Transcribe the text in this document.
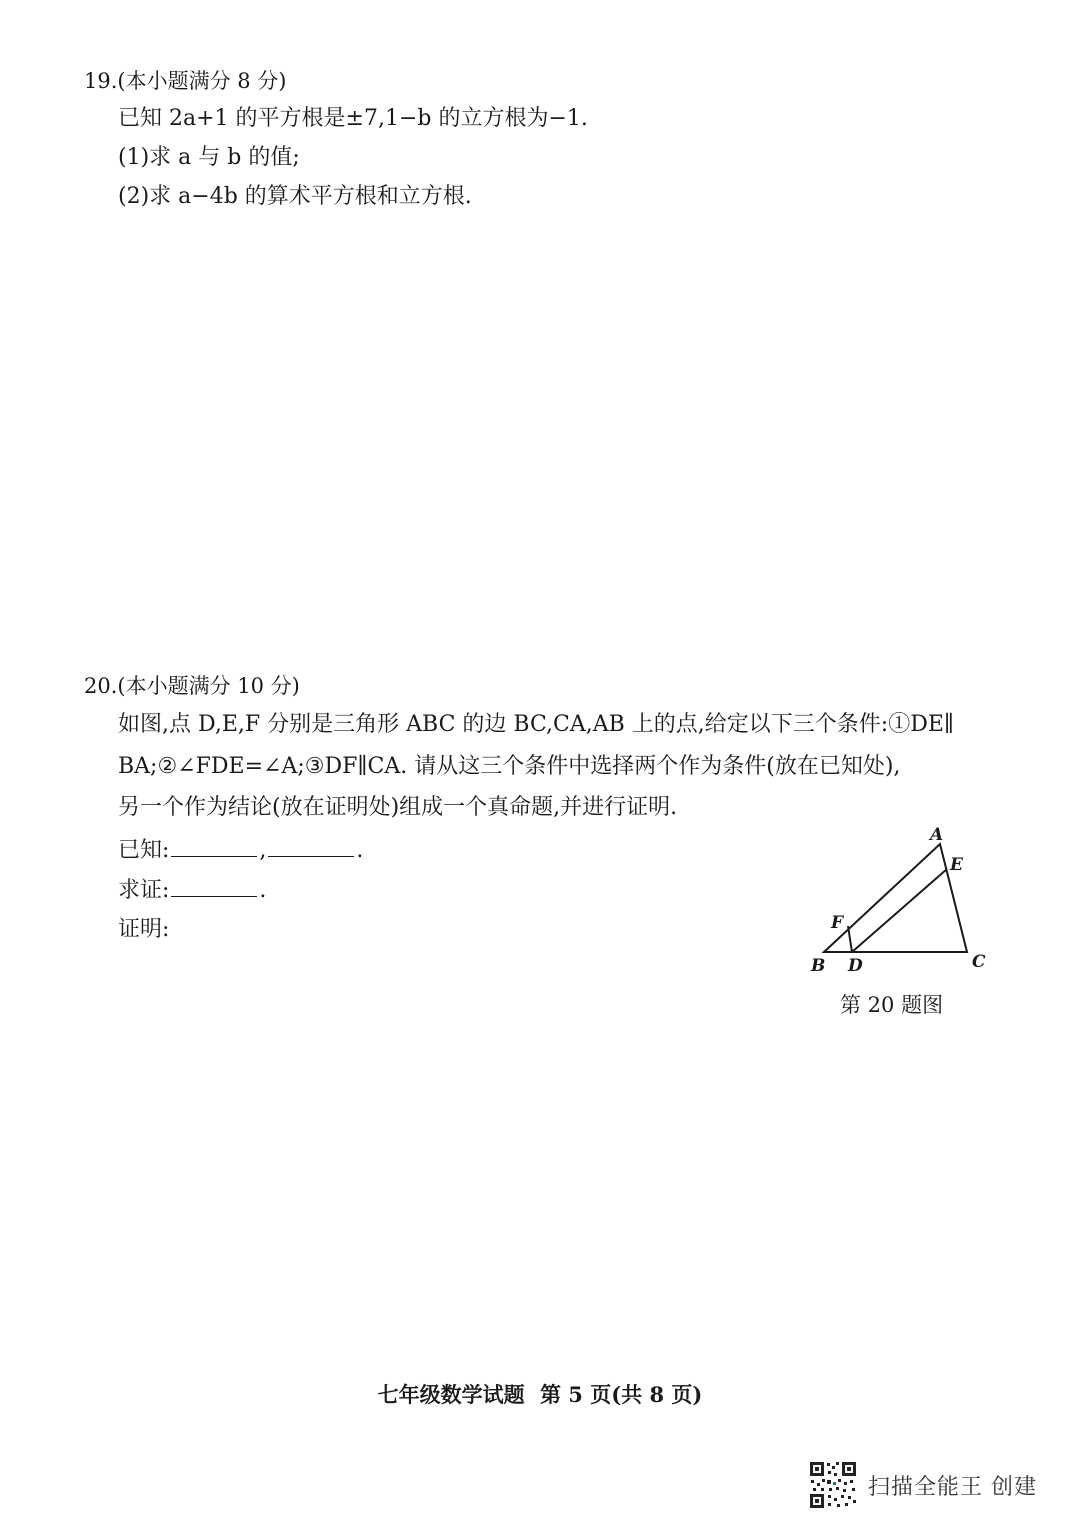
19.(本小题满分 8 分)
已知 2a+1 的平方根是±7,1−b 的立方根为−1.
(1)求 a 与 b 的值;
(2)求 a−4b 的算术平方根和立方根.
20.(本小题满分 10 分)
如图,点 D,E,F 分别是三角形 ABC 的边 BC,CA,AB 上的点,给定以下三个条件:①DE∥
BA;②∠FDE=∠A;③DF∥CA. 请从这三个条件中选择两个作为条件(放在已知处),
另一个作为结论(放在证明处)组成一个真命题,并进行证明.
已知:	,	.
求证:	.
证明:
A
E
F
B D	C
第 20 题图
七年级数学试题 第 5 页(共 8 页)
扫描全能王 创建
